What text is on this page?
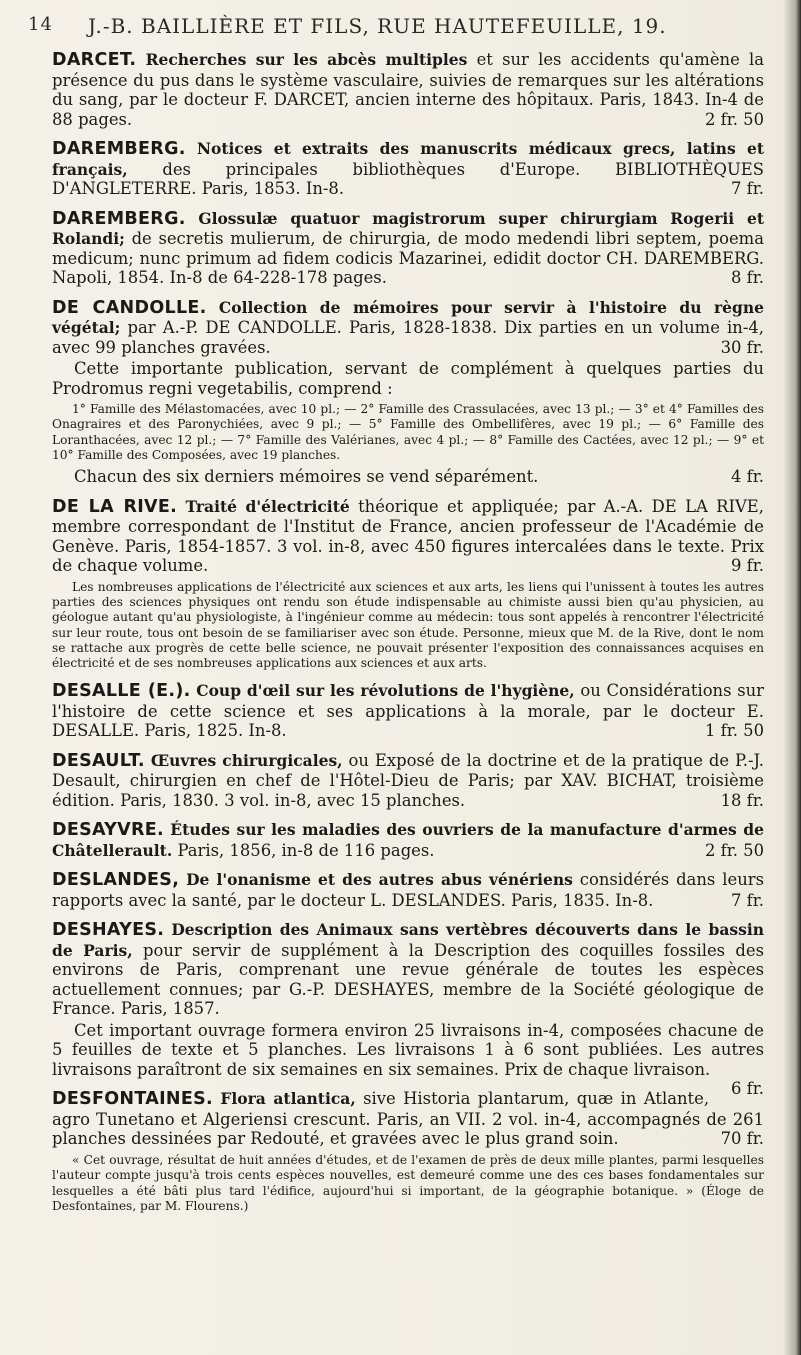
14 J.-B. BAILLIÈRE ET FILS, RUE HAUTEFEUILLE, 19.
DARCET. Recherches sur les abcès multiples et sur les accidents qu'amène la présence du pus dans le système vasculaire, suivies de remarques sur les altérations du sang, par le docteur F. DARCET, ancien interne des hôpitaux. Paris, 1843. In-4 de 88 pages.	2 fr. 50
DAREMBERG. Notices et extraits des manuscrits médicaux grecs, latins et français, des principales bibliothèques d'Europe. BIBLIOTHÈQUES D'ANGLETERRE. Paris, 1853. In-8.	7 fr.
DAREMBERG. Glossulæ quatuor magistrorum super chirurgiam Rogerii et Rolandi; de secretis mulierum, de chirurgia, de modo medendi libri septem, poema medicum; nunc primum ad fidem codicis Mazarinei, edidit doctor CH. DAREMBERG. Napoli, 1854. In-8 de 64-228-178 pages.	8 fr.
DE CANDOLLE. Collection de mémoires pour servir à l'histoire du règne végétal; par A.-P. DE CANDOLLE. Paris, 1828-1838. Dix parties en un volume in-4, avec 99 planches gravées.	30 fr.
Cette importante publication, servant de complément à quelques parties du Prodromus regni vegetabilis, comprend :
1° Famille des Mélastomacées, avec 10 pl.; — 2° Famille des Crassulacées, avec 13 pl.; — 3° et 4° Familles des Onagraires et des Paronychiées, avec 9 pl.; — 5° Famille des Ombellifères, avec 19 pl.; — 6° Famille des Loranthacées, avec 12 pl.; — 7° Famille des Valérianes, avec 4 pl.; — 8° Famille des Cactées, avec 12 pl.; — 9° et 10° Famille des Composées, avec 19 planches.
Chacun des six derniers mémoires se vend séparément.	4 fr.
DE LA RIVE. Traité d'électricité théorique et appliquée; par A.-A. DE LA RIVE, membre correspondant de l'Institut de France, ancien professeur de l'Académie de Genève. Paris, 1854-1857. 3 vol. in-8, avec 450 figures intercalées dans le texte. Prix de chaque volume.	9 fr.
Les nombreuses applications de l'électricité aux sciences et aux arts, les liens qui l'unissent à toutes les autres parties des sciences physiques ont rendu son étude indispensable au chimiste aussi bien qu'au physicien, au géologue autant qu'au physiologiste, à l'ingénieur comme au médecin: tous sont appelés à rencontrer l'électricité sur leur route, tous ont besoin de se familiariser avec son étude. Personne, mieux que M. de la Rive, dont le nom se rattache aux progrès de cette belle science, ne pouvait présenter l'exposition des connaissances acquises en électricité et de ses nombreuses applications aux sciences et aux arts.
DESALLE (E.). Coup d'œil sur les révolutions de l'hygiène, ou Considérations sur l'histoire de cette science et ses applications à la morale, par le docteur E. DESALLE. Paris, 1825. In-8.	1 fr. 50
DESAULT. Œuvres chirurgicales, ou Exposé de la doctrine et de la pratique de P.-J. Desault, chirurgien en chef de l'Hôtel-Dieu de Paris; par XAV. BICHAT, troisième édition. Paris, 1830. 3 vol. in-8, avec 15 planches.	18 fr.
DESAYVRE. Études sur les maladies des ouvriers de la manufacture d'armes de Châtellerault. Paris, 1856, in-8 de 116 pages.	2 fr. 50
DESLANDES, De l'onanisme et des autres abus vénériens considérés dans leurs rapports avec la santé, par le docteur L. DESLANDES. Paris, 1835. In-8.	7 fr.
DESHAYES. Description des Animaux sans vertèbres découverts dans le bassin de Paris, pour servir de supplément à la Description des coquilles fossiles des environs de Paris, comprenant une revue générale de toutes les espèces actuellement connues; par G.-P. DESHAYES, membre de la Société géologique de France. Paris, 1857.
Cet important ouvrage formera environ 25 livraisons in-4, composées chacune de 5 feuilles de texte et 5 planches. Les livraisons 1 à 6 sont publiées. Les autres livraisons paraîtront de six semaines en six semaines. Prix de chaque livraison.
6 fr.
DESFONTAINES. Flora atlantica, sive Historia plantarum, quæ in Atlante, agro Tunetano et Algeriensi crescunt. Paris, an VII. 2 vol. in-4, accompagnés de 261 planches dessinées par Redouté, et gravées avec le plus grand soin.	70 fr.
« Cet ouvrage, résultat de huit années d'études, et de l'examen de près de deux mille plantes, parmi lesquelles l'auteur compte jusqu'à trois cents espèces nouvelles, est demeuré comme une des ces bases fondamentales sur lesquelles a été bâti plus tard l'édifice, aujourd'hui si important, de la géographie botanique. » (Éloge de Desfontaines, par M. Flourens.)
